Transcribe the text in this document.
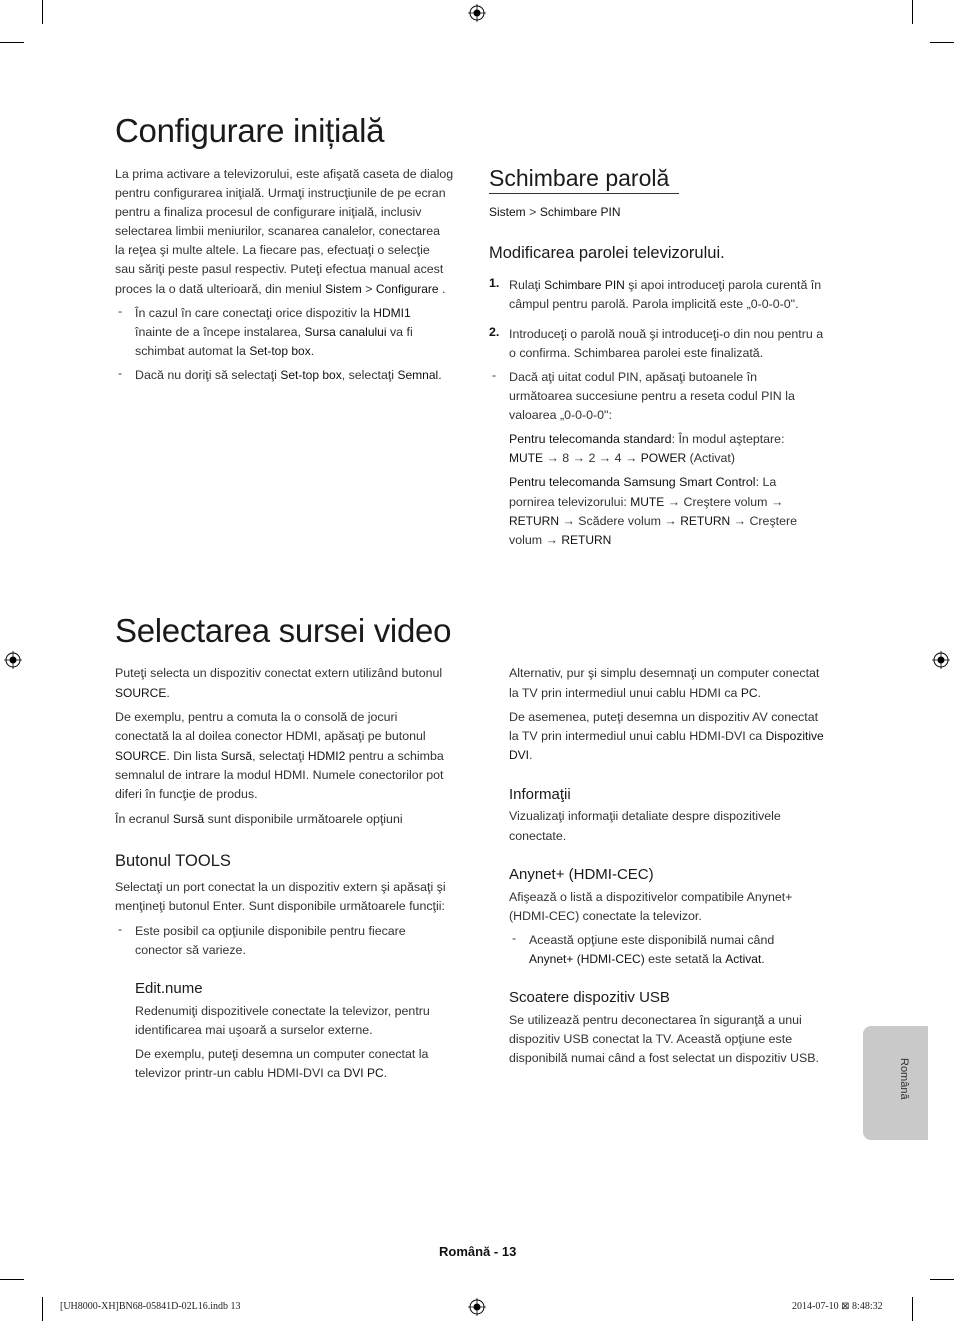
Configurare inițială
La prima activare a televizorului, este afişată caseta de dialog
pentru configurarea iniţială. Urmaţi instrucţiunile de pe ecran
pentru a finaliza procesul de configurare iniţială, inclusiv
selectarea limbii meniurilor, scanarea canalelor, conectarea
la reţea şi multe altele. La fiecare pas, efectuaţi o selecţie
sau săriţi peste pasul respectiv. Puteţi efectua manual acest
proces la o dată ulterioară, din meniul Sistem > Configurare .
- În cazul în care conectaţi orice dispozitiv la HDMI1
înainte de a începe instalarea, Sursa canalului va fi
schimbat automat la Set-top box.
- Dacă nu doriţi să selectaţi Set-top box, selectaţi Semnal.
Schimbare parolă
Sistem > Schimbare PIN
Modificarea parolei televizorului.
1. Rulaţi Schimbare PIN şi apoi introduceţi parola curentă în
câmpul pentru parolă. Parola implicită este „0-0-0-0".
2. Introduceţi o parolă nouă şi introduceţi-o din nou pentru a
o confirma. Schimbarea parolei este finalizată.
- Dacă aţi uitat codul PIN, apăsaţi butoanele în
următoarea succesiune pentru a reseta codul PIN la
valoarea „0-0-0-0":
Pentru telecomanda standard: În modul aşteptare:
MUTE → 8 → 2 → 4 → POWER (Activat)
Pentru telecomanda Samsung Smart Control: La
pornirea televizorului: MUTE → Creştere volum →
RETURN → Scădere volum → RETURN → Creştere
volum → RETURN
Selectarea sursei video
Puteţi selecta un dispozitiv conectat extern utilizând butonul
SOURCE.
De exemplu, pentru a comuta la o consolă de jocuri
conectată la al doilea conector HDMI, apăsaţi pe butonul
SOURCE. Din lista Sursă, selectaţi HDMI2 pentru a schimba
semnalul de intrare la modul HDMI. Numele conectorilor pot
diferi în funcţie de produs.
În ecranul Sursă sunt disponibile următoarele opţiuni
Butonul TOOLS
Selectaţi un port conectat la un dispozitiv extern şi apăsaţi şi
menţineţi butonul Enter. Sunt disponibile următoarele funcţii:
- Este posibil ca opţiunile disponibile pentru fiecare
conector să varieze.
Edit.nume
Redenumiţi dispozitivele conectate la televizor, pentru
identificarea mai uşoară a surselor externe.
De exemplu, puteţi desemna un computer conectat la
televizor printr-un cablu HDMI-DVI ca DVI PC.
Alternativ, pur şi simplu desemnaţi un computer conectat
la TV prin intermediul unui cablu HDMI ca PC.
De asemenea, puteţi desemna un dispozitiv AV conectat
la TV prin intermediul unui cablu HDMI-DVI ca Dispozitive
DVI.
Informaţii
Vizualizaţi informaţii detaliate despre dispozitivele
conectate.
Anynet+ (HDMI-CEC)
Afişează o listă a dispozitivelor compatibile Anynet+
(HDMI-CEC) conectate la televizor.
- Această opţiune este disponibilă numai când
Anynet+ (HDMI-CEC) este setată la Activat.
Scoatere dispozitiv USB
Se utilizează pentru deconectarea în siguranţă a unui
dispozitiv USB conectat la TV. Această opţiune este
disponibilă numai când a fost selectat un dispozitiv USB.	Română
Română - 13
[UH8000-XH]BN68-05841D-02L16.indb 13	2014-07-10 ⊠ 8:48:32
